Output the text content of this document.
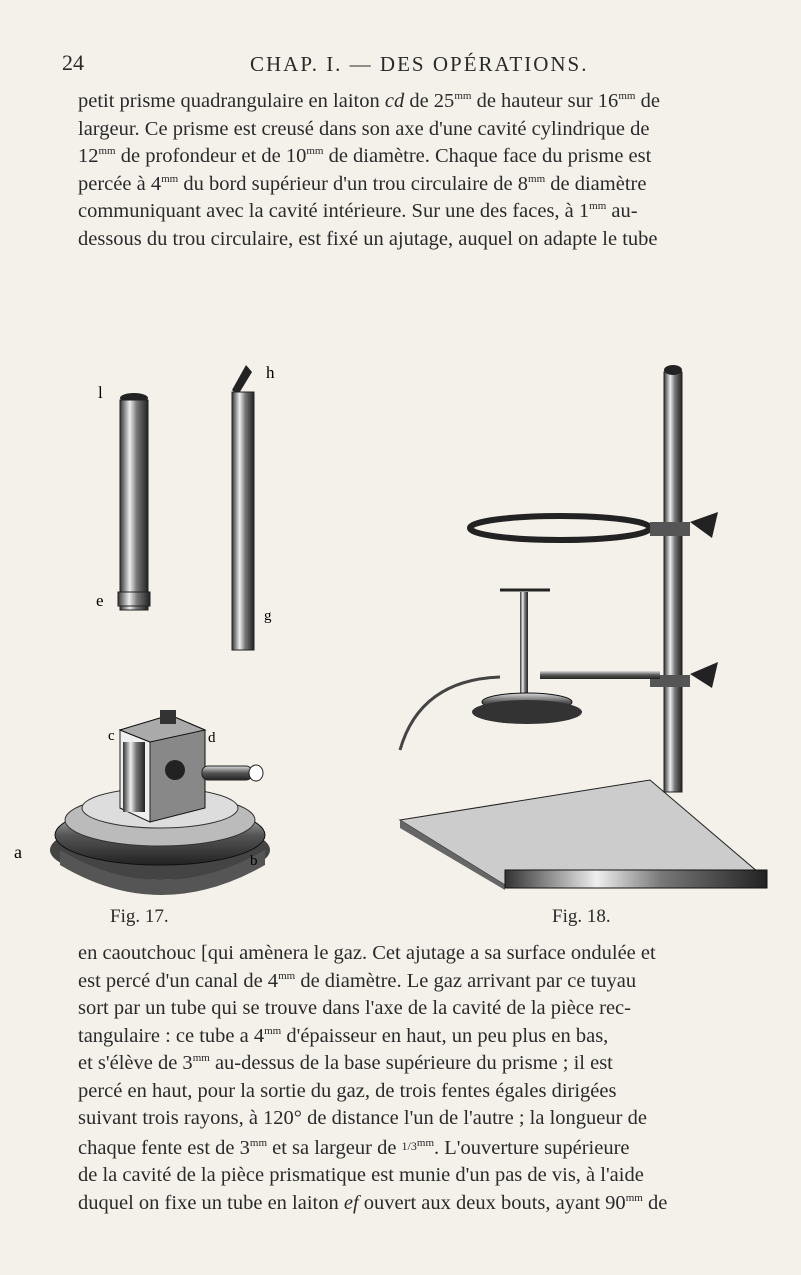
24	CHAP. I. — DES OPÉRATIONS.

petit prisme quadrangulaire en laiton cd de $25^{mm}$ de hauteur sur $16^{mm}$ de

largeur. Ce prisme est creusé dans son axe d'une cavité cylindrique de

$12^{mm}$ de profondeur et de $10^{mm}$ de diamètre. Chaque face du prisme est

percée à $4^{mm}$ du bord supérieur d'un trou circulaire de $8^{mm}$ de diamètre

communiquant avec la cavité intérieure. Sur une des faces, à $1^{mm}$ au-

dessous du trou circulaire, est fixé un ajutage, auquel on adapte le tube

l
e
h
g
c	d
b
a
Fig. 17.	Fig. 18.

en caoutchouc [qui amènera le gaz. Cet ajutage a sa surface ondulée et

est percé d'un canal de $4^{mm}$ de diamètre. Le gaz arrivant par ce tuyau

sort par un tube qui se trouve dans l'axe de la cavité de la pièce rec-

tangulaire : ce tube a $4^{mm}$ d'épaisseur en haut, un peu plus en bas,

et s'élève de $3^{mm}$ au-dessus de la base supérieure du prisme ; il est

percé en haut, pour la sortie du gaz, de trois fentes égales dirigées

suivant trois rayons, à 120° de distance l'un de l'autre ; la longueur de

chaque fente est de $3^{mm}$ et sa largeur de $1/3^{mm}$. L'ouverture supérieure

de la cavité de la pièce prismatique est munie d'un pas de vis, à l'aide

duquel on fixe un tube en laiton ef ouvert aux deux bouts, ayant $90^{mm}$ de
